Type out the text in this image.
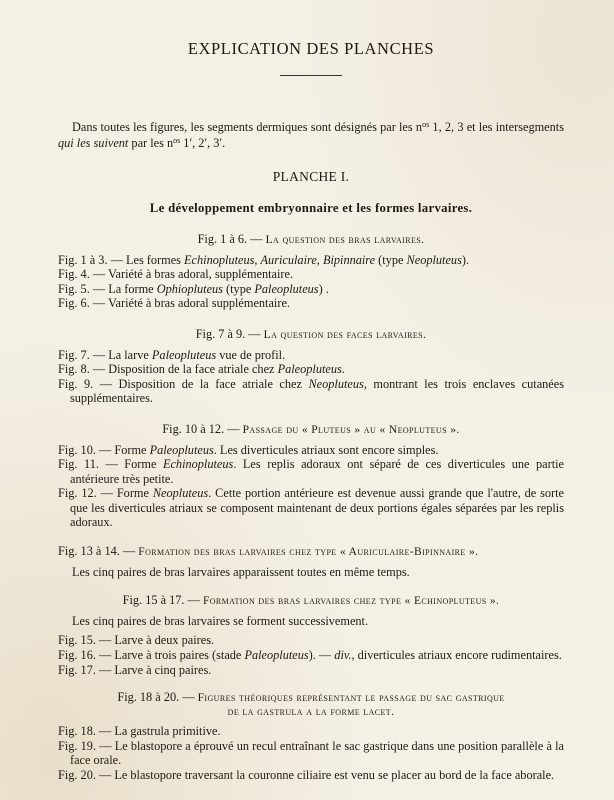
EXPLICATION DES PLANCHES

Dans toutes les figures, les segments dermiques sont désignés par les $n^{os}$ 1, 2, 3 et les intersegments qui les suivent par les $n^{os}$ 1′, 2′, 3′.

PLANCHE I.
Le développement embryonnaire et les formes larvaires.
Fig. 1 à 6. — La question des bras larvaires.
Fig. 1 à 3. — Les formes Echinopluteus, Auriculaire, Bipinnaire (type Neopluteus).
Fig. 4. — Variété à bras adoral, supplémentaire.
Fig. 5. — La forme Ophiopluteus (type Paleopluteus) .
Fig. 6. — Variété à bras adoral supplémentaire.
Fig. 7 à 9. — La question des faces larvaires.
Fig. 7. — La larve Paleopluteus vue de profil.
Fig. 8. — Disposition de la face atriale chez Paleopluteus.
Fig. 9. — Disposition de la face atriale chez Neopluteus, montrant les trois enclaves cutanées supplémentaires.
Fig. 10 à 12. — Passage du « Pluteus » au « Neopluteus ».
Fig. 10. — Forme Paleopluteus. Les diverticules atriaux sont encore simples.
Fig. 11. — Forme Echinopluteus. Les replis adoraux ont séparé de ces diverticules une partie antérieure très petite.
Fig. 12. — Forme Neopluteus. Cette portion antérieure est devenue aussi grande que l'autre, de sorte que les diverticules atriaux se composent maintenant de deux portions égales séparées par les replis adoraux.
Fig. 13 à 14. — Formation des bras larvaires chez type « Auriculaire-Bipinnaire ».
Les cinq paires de bras larvaires apparaissent toutes en même temps.
Fig. 15 à 17. — Formation des bras larvaires chez type « Echinopluteus ».
Les cinq paires de bras larvaires se forment successivement.
Fig. 15. — Larve à deux paires.
Fig. 16. — Larve à trois paires (stade Paleopluteus). — div., diverticules atriaux encore rudimentaires.
Fig. 17. — Larve à cinq paires.
Fig. 18 à 20. — Figures théoriques représentant le passage du sac gastrique
de la gastrula a la forme lacet.
Fig. 18. — La gastrula primitive.
Fig. 19. — Le blastopore a éprouvé un recul entraînant le sac gastrique dans une position parallèle à la face orale.
Fig. 20. — Le blastopore traversant la couronne ciliaire est venu se placer au bord de la face aborale.
